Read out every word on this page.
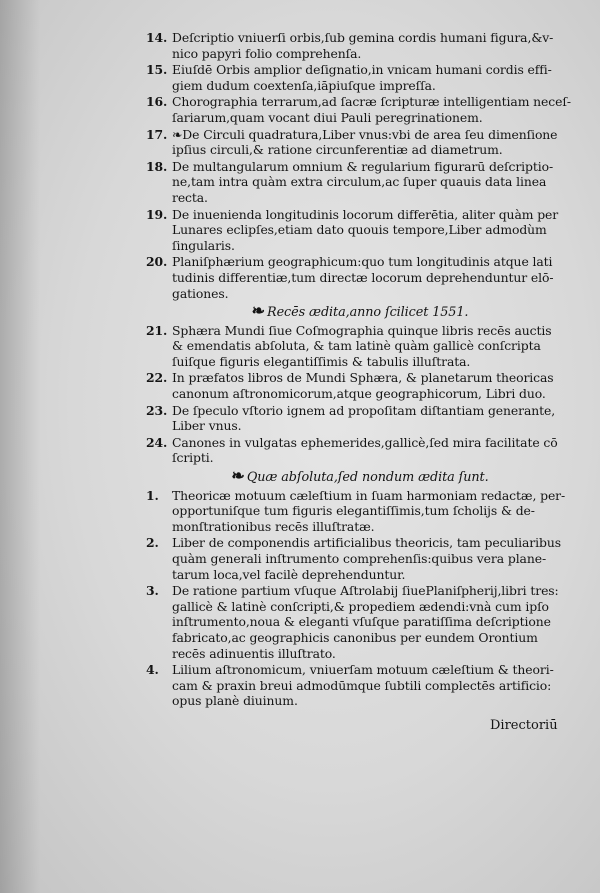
14. Deſcriptio vniuerſi orbis,ſub gemina cordis humani figura,&v-
nico papyri folio comprehenſa.
15. Eiuſdē Orbis amplior deſignatio,in vnicam humani cordis effi-
giem dudum coextenſa,iāpiuſque impreſſa.
16. Chorographia terrarum,ad ſacræ ſcripturæ intelligentiam neceſ-
ſariarum,quam vocant diui Pauli peregrinationem.
17. ❧De Circuli quadratura,Liber vnus:vbi de area ſeu dimenſione
ipſius circuli,& ratione circunferentiæ ad diametrum.
18. De multangularum omnium & regularium figurarū deſcriptio-
ne,tam intra quàm extra circulum,ac ſuper quauis data linea
recta.
19. De inuenienda longitudinis locorum differētia, aliter quàm per
Lunares eclipſes,etiam dato quouis tempore,Liber admodùm
ſingularis.
20. Planiſphærium geographicum:quo tum longitudinis atque lati
tudinis differentiæ,tum directæ locorum deprehenduntur elō-
gationes.
❧ Recēs ædita,anno ſcilicet 1551.
21. Sphæra Mundi ſiue Coſmographia quinque libris recēs auctis
& emendatis abſoluta, & tam latinè quàm gallicè conſcripta
ſuiſque figuris elegantiſſimis & tabulis illuſtrata.
22. In præfatos libros de Mundi Sphæra, & planetarum theoricas
canonum aſtronomicorum,atque geographicorum, Libri duo.
23. De ſpeculo vſtorio ignem ad propoſitam diſtantiam generante,
Liber vnus.
24. Canones in vulgatas ephemerides,gallicè,ſed mira facilitate cō
ſcripti.
❧ Quæ abſoluta,ſed nondum ædita ſunt.
1. Theoricæ motuum cæleſtium in ſuam harmoniam redactæ, per-
opportuniſque tum figuris elegantiſſimis,tum ſcholijs & de-
monſtrationibus recēs illuſtratæ.
2. Liber de componendis artificialibus theoricis, tam peculiaribus
quàm generali inſtrumento comprehenſis:quibus vera plane-
tarum loca,vel facilè deprehenduntur.
3. De ratione partium vſuque Aſtrolabij ſiuePlaniſpherij,libri tres:
gallicè & latinè conſcripti,& propediem ædendi:vnà cum ipſo
inſtrumento,noua & eleganti vſuſque paratiſſima deſcriptione
fabricato,ac geographicis canonibus per eundem Orontium
recēs adinuentis illuſtrato.
4. Lilium aſtronomicum, vniuerſam motuum cæleſtium & theori-
cam & praxin breui admodūmque ſubtili complectēs artificio:
opus planè diuinum.
Directoriū
